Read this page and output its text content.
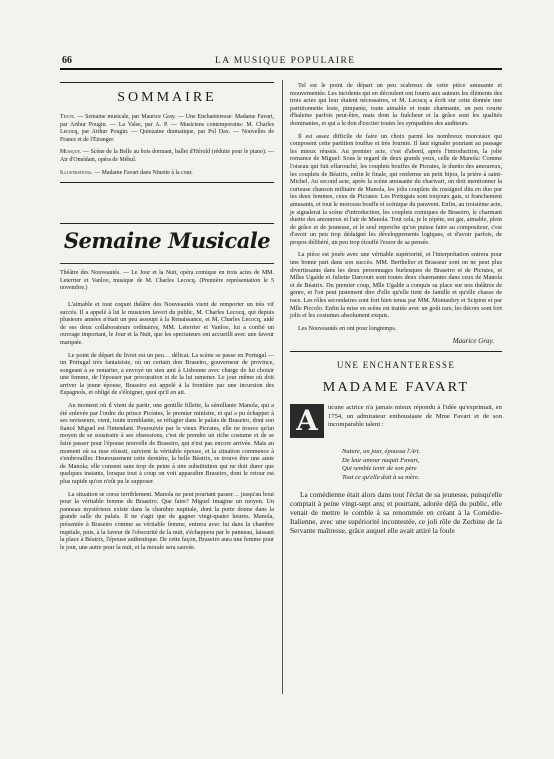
66	LA MUSIQUE POPULAIRE
SOMMAIRE
Texte. — Semaine musicale, par Maurice Gray. — Une Enchanteresse: Madame Favart, par Arthur Pougin. — La Valse, par A. P. — Musiciens contemporains: M. Charles Lecocq, par Arthur Pougin. — Quinzaine dramatique, par Pol Dax. — Nouvelles de France et de l'Étranger.
Musique. — Scène de la Belle au bois dormant, ballet d'Hérold (réduite pour le piano). — Air d'Omédant, opéra de Méhul.
Illustrations. — Madame Favart dans Ninette à la cour.
Semaine Musicale
Théâtre des Nouveautés. — Le Jour et la Nuit, opéra comique en trois actes de MM. Leterrier et Vanloo, musique de M. Charles Lecocq. (Première représentation le 5 novembre.)

L'aimable et tout coquet théâtre des Nouveautés vient de remporter un très vif succès. Il a appelé à lui le musicien favori du public, M. Charles Lecocq, qui depuis plusieurs années n'était un peu assoupi à la Renaissance, et M. Charles Lecocq, aidé de ses deux collaborateurs ordinaires, MM. Leterrier et Vanloo, lui a confié un ouvrage important, le Jour et la Nuit, que les spectateurs ont accueilli avec une faveur marquée.

Le point de départ du livret est un peu… délicat. La scène se passe en Portugal — un Portugal très fantaisiste, où un certain don Braseiro, gouverneur de province, songeant à se remarier, a envoyé un sien ami à Lisbonne avec charge de lui choisir une femme, de l'épouser par procuration et de la lui ramener. Le jour même où doit arriver la jeune épouse, Braseiro est appelé à la frontière par une incursion des Espagnols, et obligé de s'éloigner, quoi qu'il en ait.

Au moment où il vient de partir, une gentille fillette, la sémillante Manola, qui a été enlevée par l'ordre du prince Picrates, le premier ministre, et qui a pu échapper à ses ravisseurs, vient, toute tremblante, se réfugier dans le palais de Braseiro, dont son fiancé Miguel est l'intendant. Poursuivie par le vieux Picrates, elle ne trouve qu'un moyen de se soustraire à ses obsessions, c'est de prendre un riche costume et de se faire passer pour l'épouse nouvelle de Braseiro, qui n'est pas encore arrivée. Mais au moment où sa ruse réussit, survient la véritable épouse, et la situation commence à s'embrouiller. Heureusement cette dernière, la belle Béatrix, se trouve être une amie de Manola; elle consent sans trop de peine à une substitution qui ne doit durer que quelques instants, lorsque tout à coup on voit apparaître Braseiro, dont le retour est plus rapide qu'on n'eût pu le supposer.

La situation se corse terriblement. Manola ne peut pourtant passer… jusqu'au bout pour la véritable femme de Braseiro. Que faire? Miguel imagine un moyen. Un panneau mystérieux existe dans la chambre nuptiale, dont la porte donne dans la grande salle du palais. Il ne s'agit que de gagner vingt-quatre heures. Manola, présentée à Braseiro comme sa véritable femme, entrera avec lui dans la chambre nuptiale, puis, à la faveur de l'obscurité de la nuit, s'échappera par le panneau, laissant la place à Béatrix, l'épouse authentique. De cette façon, Braseiro aura une femme pour le jour, une autre pour la nuit, et la morale sera sauvée.

Tel est le point de départ un peu scabreux de cette pièce amusante et mouvementée. Les incidents qui en découlent ont fourni aux auteurs les éléments des trois actes qui leur étaient nécessaires, et M. Lecocq a écrit sur cette donnée une partitionnette leste, pimpante, toute aimable et toute charmante, un peu courte d'haleine parfois peut-être, mais dont la fraîcheur et la grâce sont les qualités dominantes, et qui a le don d'exciter toutes les sympathies des auditeurs.

Il est assez difficile de faire un choix parmi les nombreux morceaux qui composent cette partition touffue et très fournie. Il faut signaler pourtant au passage les mieux réussis. Au premier acte, c'est d'abord, après l'introduction, la jolie romance de Miguel: Sous le regard de deux grands yeux, celle de Manola: Comme l'oiseau qui fuit effarouché, les couplets bouffes de Picrates, le duetto des amoureux, les couplets de Béatrix, enfin le finale, qui renferme un petit bijou, la prière à saint-Michel. Au second acte, après la scène amusante du charivari, on doit mentionner la curieuse chanson militaire de Manola, les jolis couplets du rossignol dits en duo par les deux femmes, ceux de Picrates: Les Portugais sont toujours gais, si franchement amusants, et tout le morceau bouffe et scénique du paravent. Enfin, au troisième acte, je signalerai la scène d'introduction, les couplets comiques de Braseiro, le charmant duetto des amoureux et l'air de Manola. Tout cela, je le répète, est gai, aimable, plein de grâce et de jeunesse, et le seul reproche qu'on puisse faire au compositeur, c'est d'avoir un peu trop dédaigné les développements logiques, et d'avoir parfois, de propos délibéré, un peu trop étouffé l'essor de sa pensée.

La pièce est jouée avec une véritable supériorité, et l'interprétation entrera pour une bonne part dans son succès. MM. Berthelier et Brasseur sont on ne peut plus divertissants dans les deux personnages burlesques de Braseiro et de Picrates, et Mlles Ugalde et Juliette Darcourt sont toutes deux charmantes dans ceux de Manola et de Béatrix. Du premier coup, Mlle Ugalde a conquis sa place sur nos théâtres de genre, et l'on peut justement dire d'elle qu'elle tient de famille et qu'elle chasse de race. Les rôles secondaires sont fort bien tenus par MM. Montaubry et Scipion et par Mlle Piccolo. Enfin la mise en scène est traitée avec un goût rare, les décors sont fort jolis et les costumes absolument exquis.

Les Nouveautés en ont pour longtemps.

Maurice Gray.
UNE ENCHANTERESSE
MADAME FAVART
A	ucune actrice n'a jamais mieux répondu à l'idée qu'exprimait, en 1754, un admirateur enthousiaste de Mme Favart et de son incomparable talent :
Nature, un jour, époussa l'Art.
De leur amour naquit Favart,
Qui semble tenir de son père
Tout ce qu'elle doit à sa mère.
La comédienne était alors dans tout l'éclat de sa jeunesse, puisqu'elle comptait à peine vingt-sept ans; et pourtant, adorée déjà du public, elle venait de mettre le comble à sa renommée en créant à la Comédie-Italienne, avec une supériorité incontestée, ce joli rôle de Zerbine de la Servante maîtresse, grâce auquel elle avait attiré la foule
